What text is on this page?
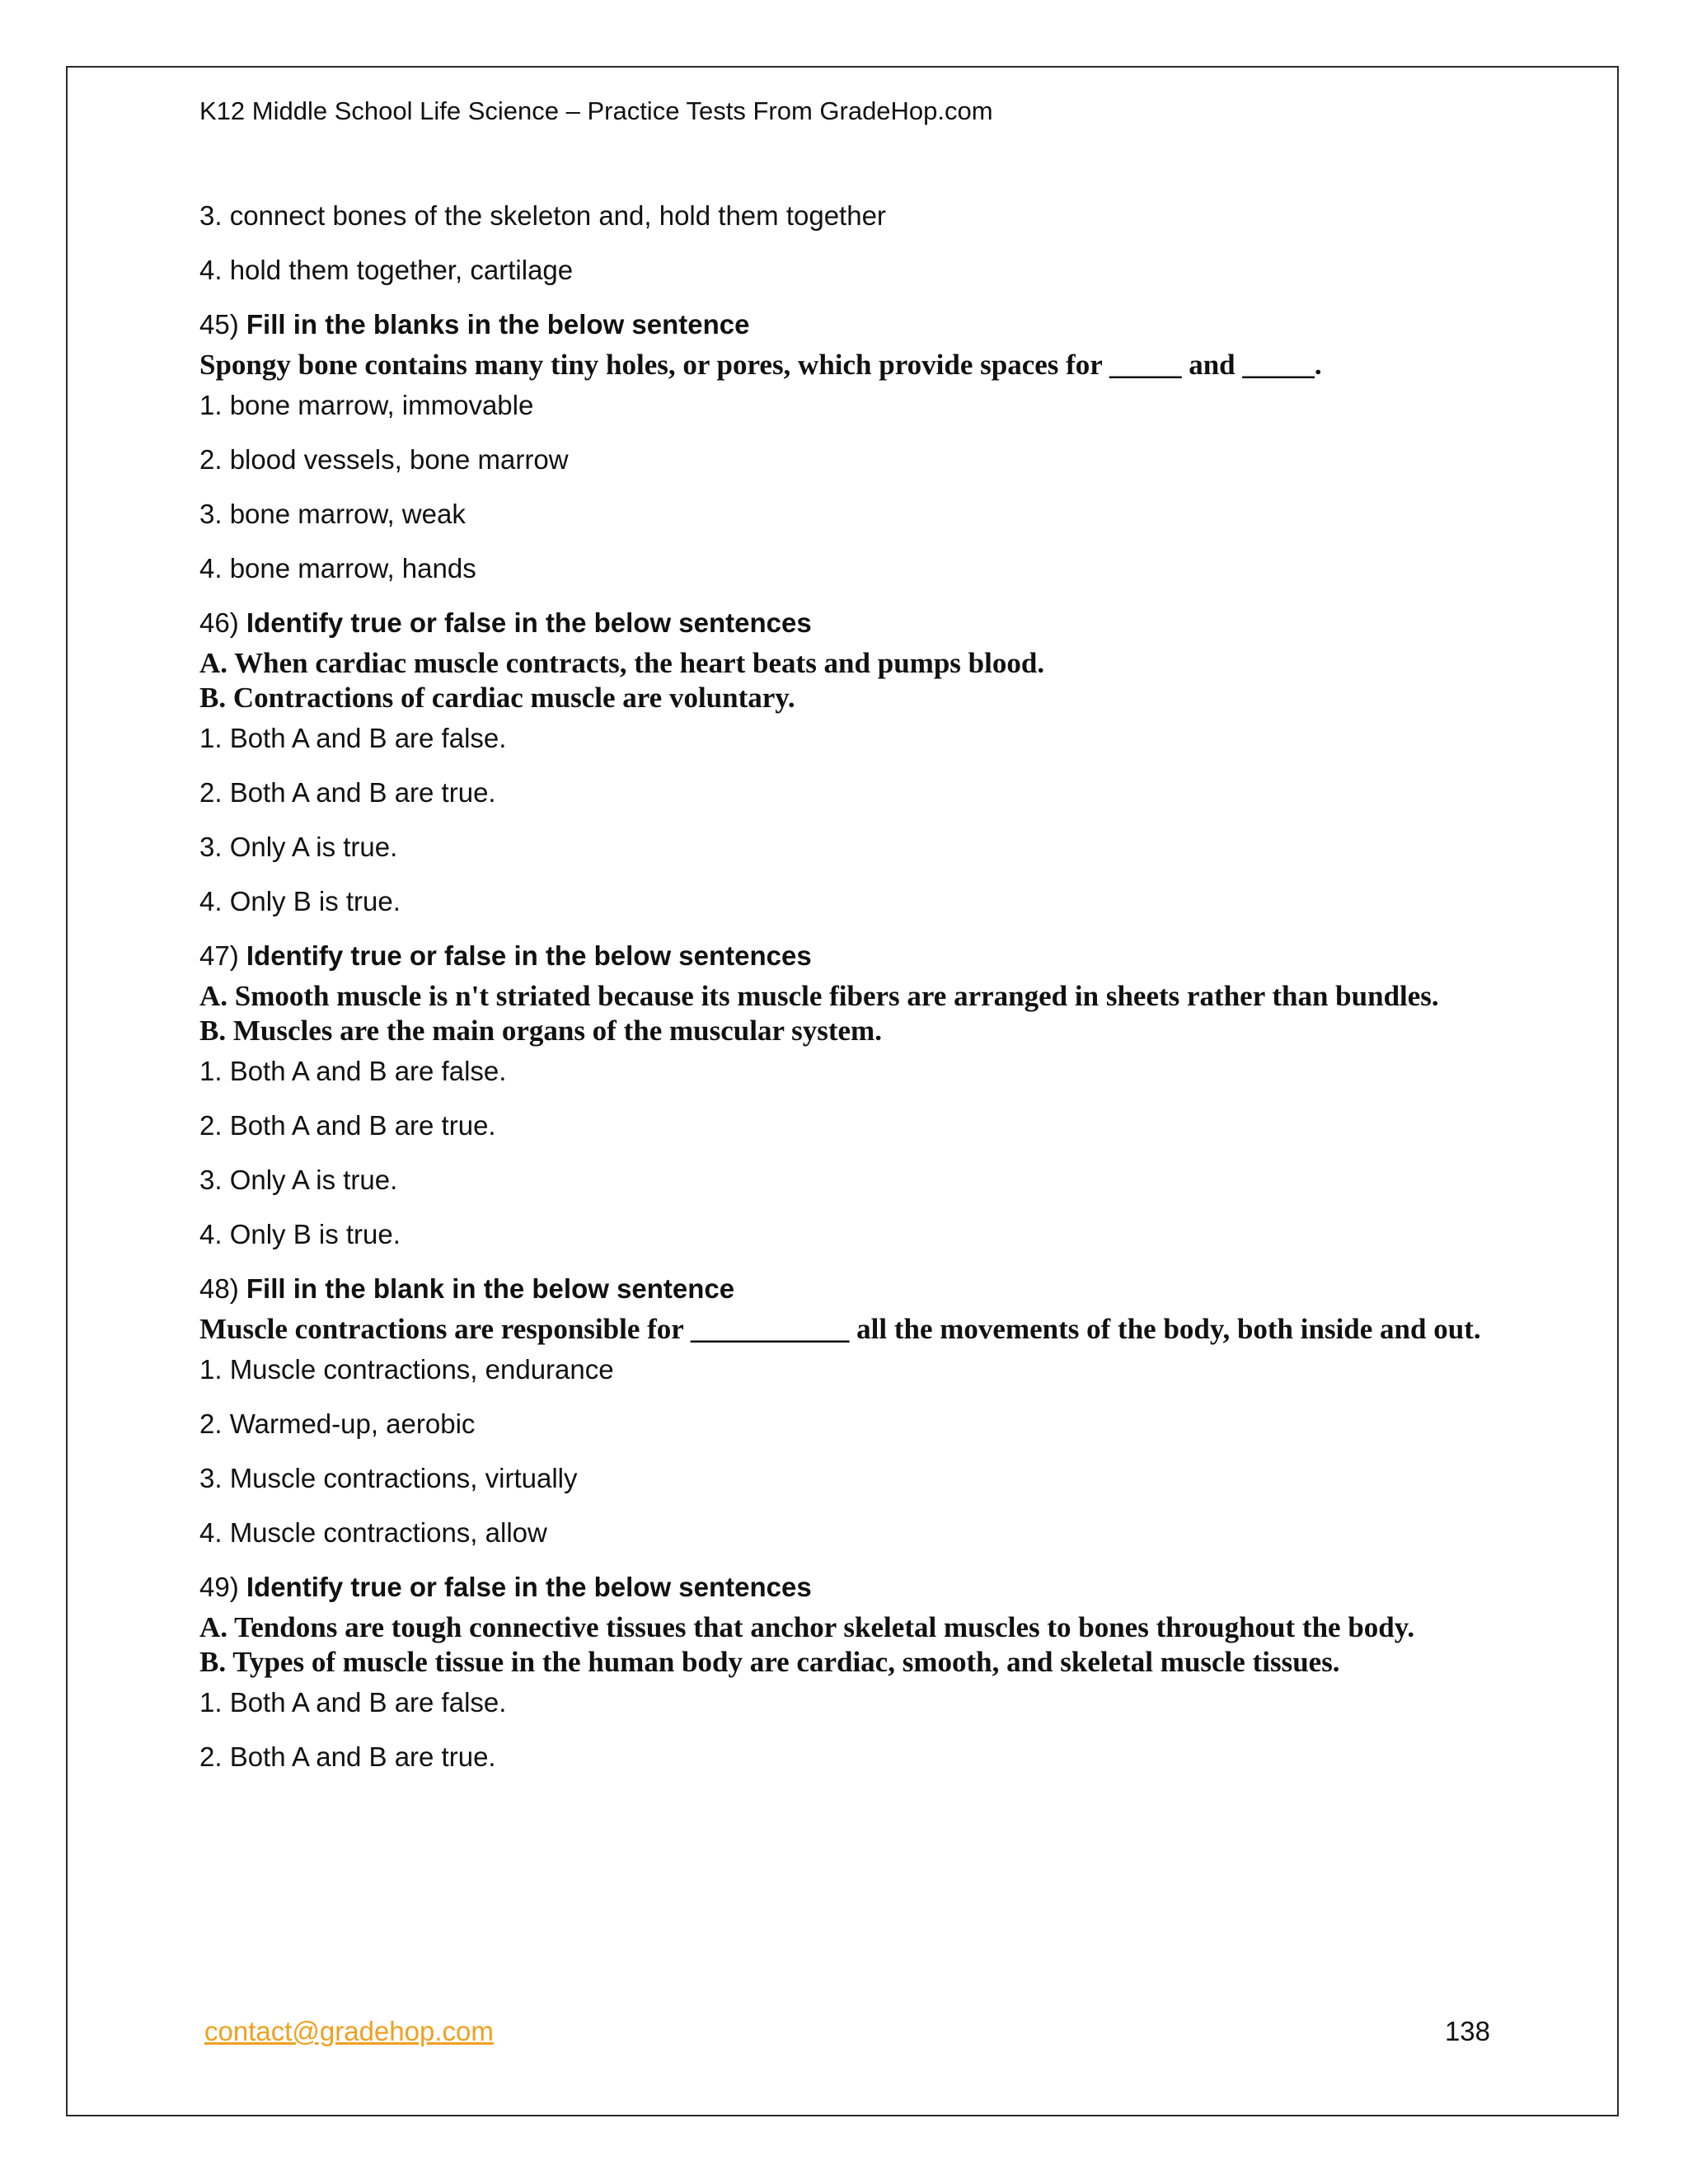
K12 Middle School Life Science – Practice Tests From GradeHop.com
3. connect bones of the skeleton and, hold them together
4. hold them together, cartilage
45) Fill in the blanks in the below sentence
Spongy bone contains many tiny holes, or pores, which provide spaces for _____ and _____.
1. bone marrow, immovable
2. blood vessels, bone marrow
3. bone marrow, weak
4. bone marrow, hands
46) Identify true or false in the below sentences
A. When cardiac muscle contracts, the heart beats and pumps blood.
B. Contractions of cardiac muscle are voluntary.
1. Both A and B are false.
2. Both A and B are true.
3. Only A is true.
4. Only B is true.
47) Identify true or false in the below sentences
A. Smooth muscle is n't striated because its muscle fibers are arranged in sheets rather than bundles.
B. Muscles are the main organs of the muscular system.
1. Both A and B are false.
2. Both A and B are true.
3. Only A is true.
4. Only B is true.
48) Fill in the blank in the below sentence
Muscle contractions are responsible for ___________ all the movements of the body, both inside and out.
1. Muscle contractions, endurance
2. Warmed-up, aerobic
3. Muscle contractions, virtually
4. Muscle contractions, allow
49) Identify true or false in the below sentences
A. Tendons are tough connective tissues that anchor skeletal muscles to bones throughout the body.
B. Types of muscle tissue in the human body are cardiac, smooth, and skeletal muscle tissues.
1. Both A and B are false.
2. Both A and B are true.
contact@gradehop.com	138
